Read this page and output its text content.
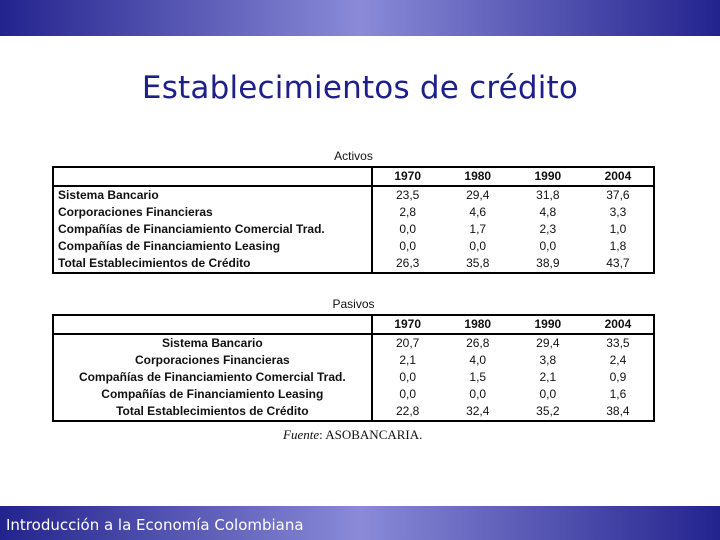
Establecimientos de crédito
Activos
	1970	1980	1990	2004
Sistema Bancario	23,5	29,4	31,8	37,6
Corporaciones Financieras	2,8	4,6	4,8	3,3
Compañías de Financiamiento Comercial Trad.	0,0	1,7	2,3	1,0
Compañías de Financiamiento Leasing	0,0	0,0	0,0	1,8
Total Establecimientos de Crédito	26,3	35,8	38,9	43,7
Pasivos
	1970	1980	1990	2004
Sistema Bancario	20,7	26,8	29,4	33,5
Corporaciones Financieras	2,1	4,0	3,8	2,4
Compañías de Financiamiento Comercial Trad.	0,0	1,5	2,1	0,9
Compañías de Financiamiento Leasing	0,0	0,0	0,0	1,6
Total Establecimientos de Crédito	22,8	32,4	35,2	38,4
Fuente: ASOBANCARIA.
Introducción a la Economía Colombiana
